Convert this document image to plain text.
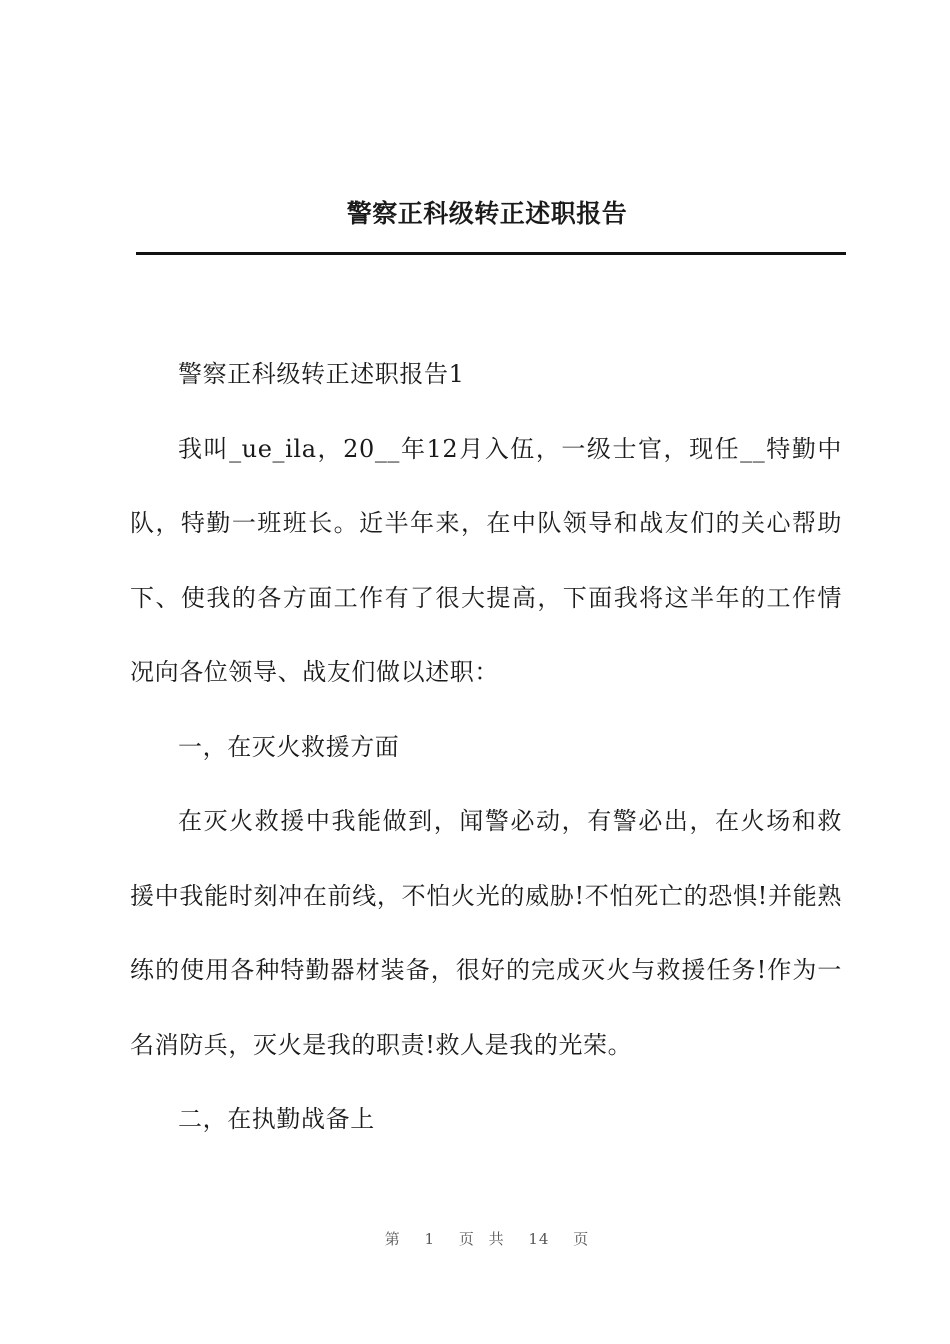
警察正科级转正述职报告

警察正科级转正述职报告1

我叫_ue_ila，20__年12月入伍，一级士官，现任__特勤中队，特勤一班班长。近半年来，在中队领导和战友们的关心帮助下、使我的各方面工作有了很大提高，下面我将这半年的工作情况向各位领导、战友们做以述职：

一，在灭火救援方面

在灭火救援中我能做到，闻警必动，有警必出，在火场和救援中我能时刻冲在前线，不怕火光的威胁!不怕死亡的恐惧!并能熟练的使用各种特勤器材装备，很好的完成灭火与救援任务!作为一名消防兵，灭火是我的职责!救人是我的光荣。

二，在执勤战备上

第 1 页 共 14 页
